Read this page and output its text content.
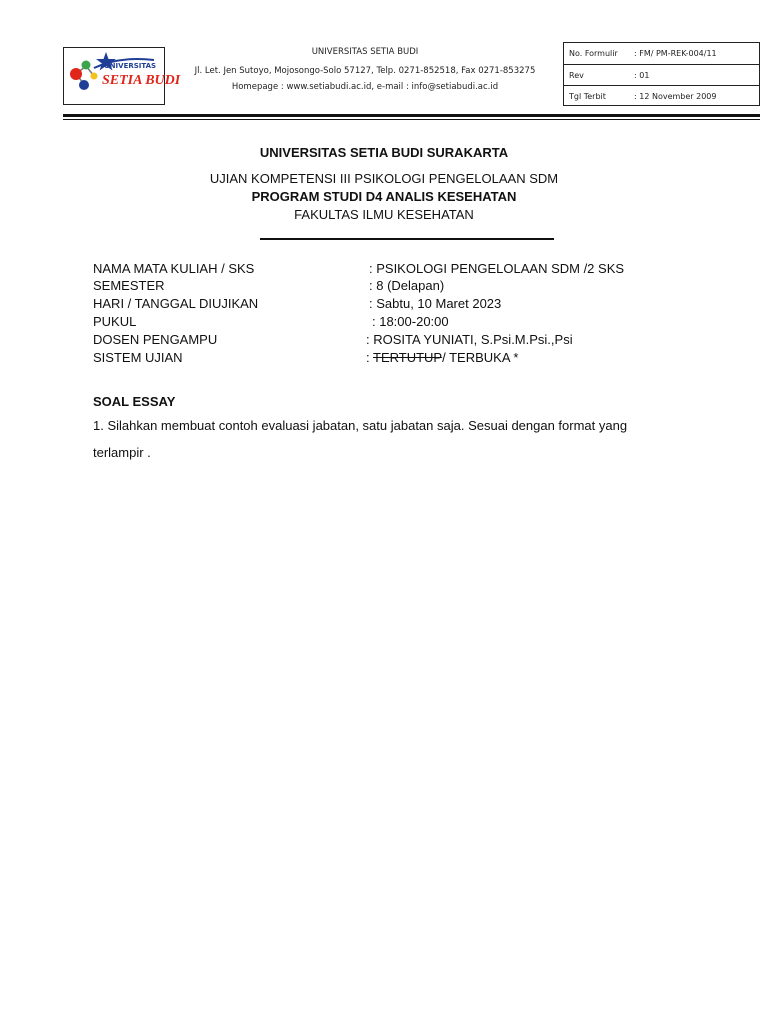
UNIVERSITAS
SETIA BUDI
UNIVERSITAS SETIA BUDI
Jl. Let. Jen Sutoyo, Mojosongo-Solo 57127, Telp. 0271-852518, Fax 0271-853275
Homepage : www.setiabudi.ac.id, e-mail : info@setiabudi.ac.id
No. Formulir : FM/ PM-REK-004/11
Rev	: 01
Tgl Terbit	: 12 November 2009
UNIVERSITAS SETIA BUDI SURAKARTA
UJIAN KOMPETENSI III PSIKOLOGI PENGELOLAAN SDM
PROGRAM STUDI D4 ANALIS KESEHATAN
FAKULTAS ILMU KESEHATAN
NAMA MATA KULIAH / SKS	: PSIKOLOGI PENGELOLAAN SDM /2 SKS
SEMESTER	: 8 (Delapan)
HARI / TANGGAL DIUJIKAN	: Sabtu, 10 Maret 2023
PUKUL	: 18:00-20:00
DOSEN PENGAMPU	: ROSITA YUNIATI, S.Psi.M.Psi.,Psi
SISTEM UJIAN	: TERTUTUP/ TERBUKA *
SOAL ESSAY
1. Silahkan membuat contoh evaluasi jabatan, satu jabatan saja. Sesuai dengan format yang
terlampir .
